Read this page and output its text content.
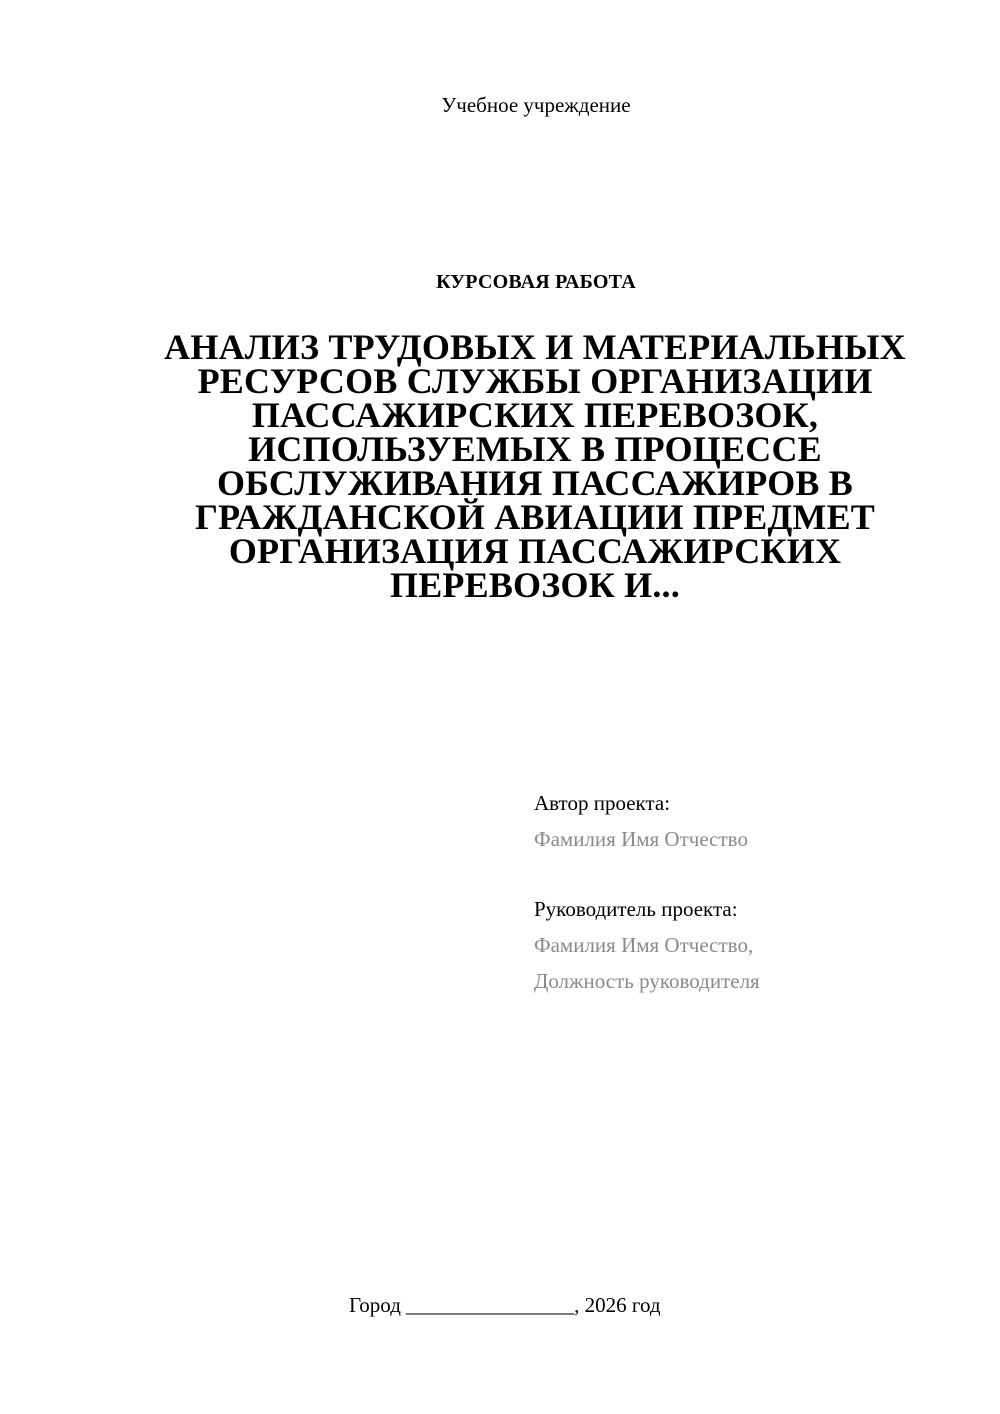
Учебное учреждение
КУРСОВАЯ РАБОТА
АНАЛИЗ ТРУДОВЫХ И МАТЕРИАЛЬНЫХ РЕСУРСОВ СЛУЖБЫ ОРГАНИЗАЦИИ ПАССАЖИРСКИХ ПЕРЕВОЗОК, ИСПОЛЬЗУЕМЫХ В ПРОЦЕССЕ ОБСЛУЖИВАНИЯ ПАССАЖИРОВ В ГРАЖДАНСКОЙ АВИАЦИИ ПРЕДМЕТ ОРГАНИЗАЦИЯ ПАССАЖИРСКИХ ПЕРЕВОЗОК И...
Автор проекта:
Фамилия Имя Отчество
Руководитель проекта:
Фамилия Имя Отчество,
Должность руководителя
Город ________________, 2026 год
